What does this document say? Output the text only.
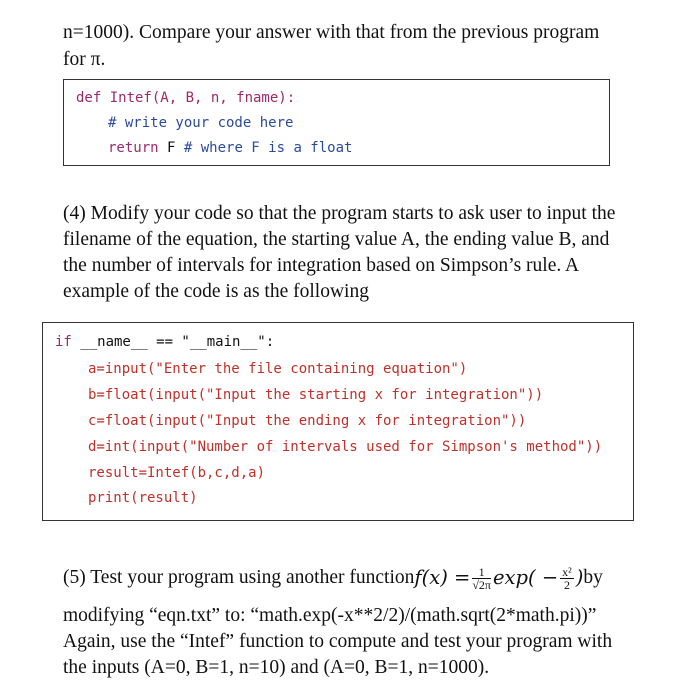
n=1000). Compare your answer with that from the previous program
for π.
def Intef(A, B, n, fname):
# write your code here
return F # where F is a float
(4) Modify your code so that the program starts to ask user to input the
filename of the equation, the starting value A, the ending value B, and
the number of intervals for integration based on Simpson’s rule. A
example of the code is as the following
if __name__ == "__main__":
a=input("Enter the file containing equation")
b=float(input("Input the starting x for integration"))
c=float(input("Input the ending x for integration"))
d=int(input("Number of intervals used for Simpson's method"))
result=Intef(b,c,d,a)
print(result)
(5) Test your program using another function $f(x) = \frac{1}{√2\pi} \exp( - \frac{\text{x²}}{2}$ ) by
modifying “eqn.txt” to: “math.exp(-x**2/2)/(math.sqrt(2*math.pi))”
Again, use the “Intef” function to compute and test your program with
the inputs (A=0, B=1, n=10) and (A=0, B=1, n=1000).
